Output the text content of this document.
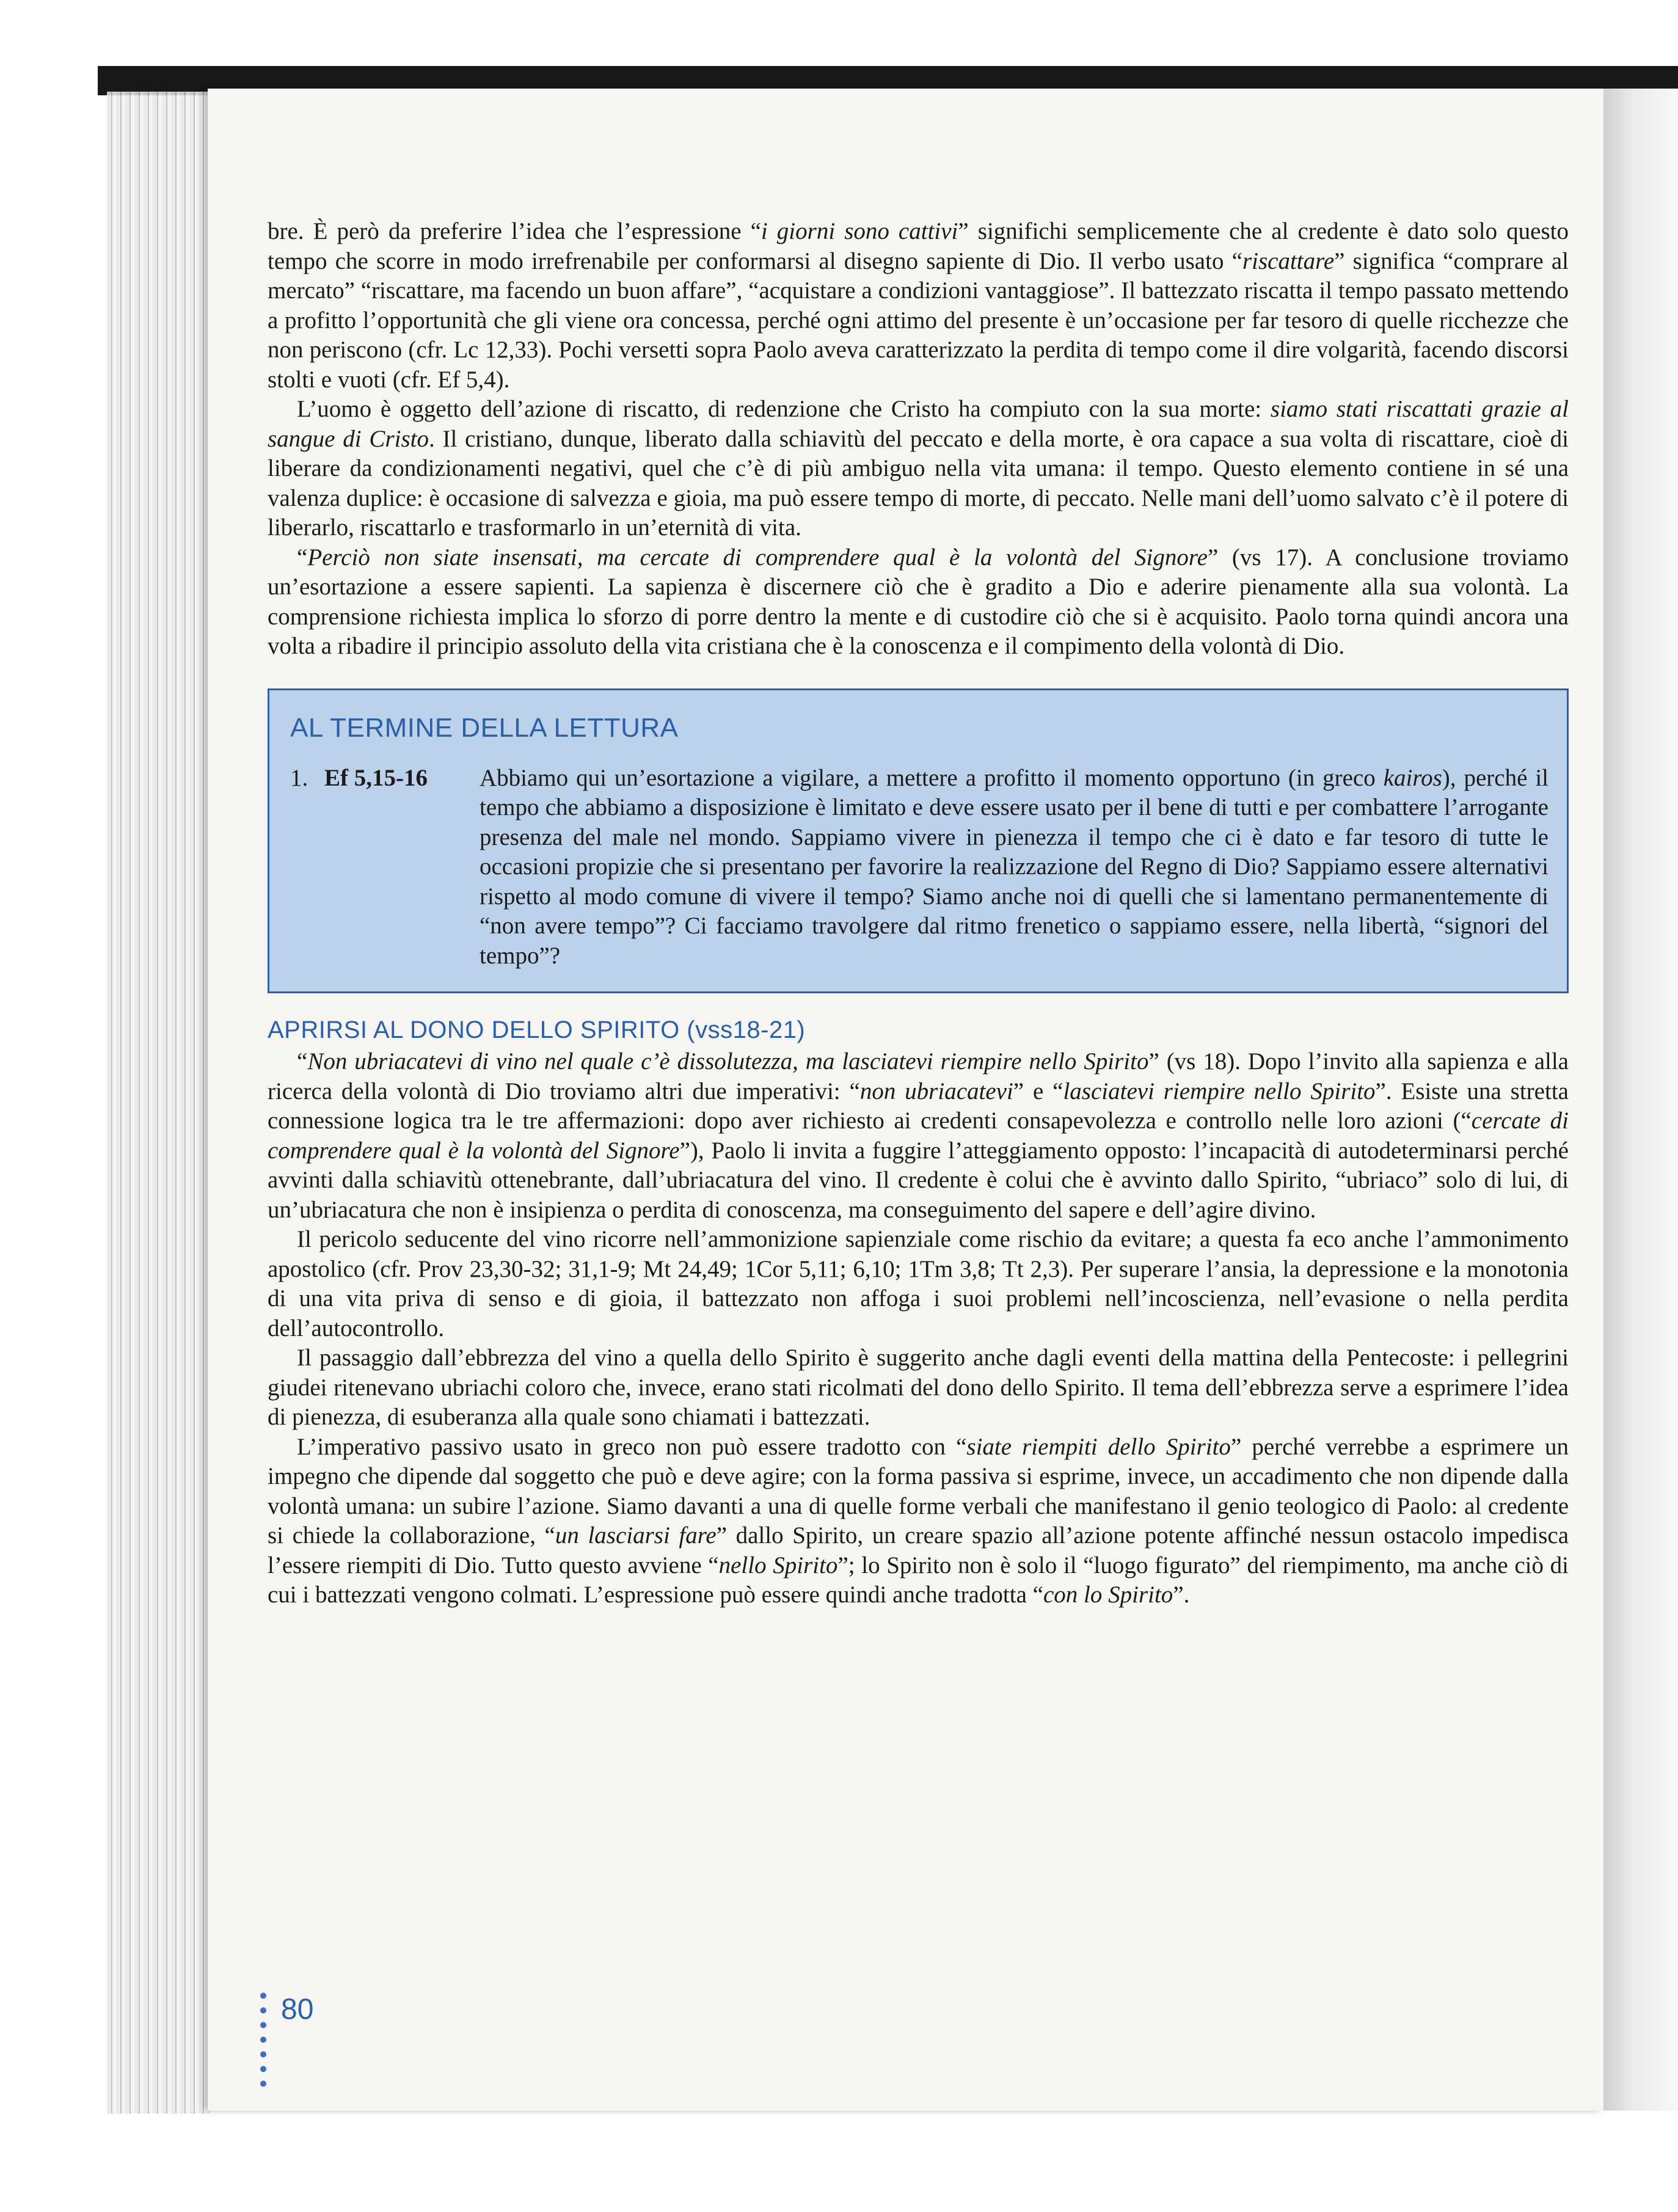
bre. È però da preferire l’idea che l’espressione “i giorni sono cattivi” significhi semplicemente che al credente è dato solo questo tempo che scorre in modo irrefrenabile per conformarsi al disegno sapiente di Dio. Il verbo usato “riscattare” significa “comprare al mercato” “riscattare, ma facendo un buon affare”, “acquistare a condizioni vantaggiose”. Il battezzato riscatta il tempo passato mettendo a profitto l’opportunità che gli viene ora concessa, perché ogni attimo del presente è un’occasione per far tesoro di quelle ricchezze che non periscono (cfr. Lc 12,33). Pochi versetti sopra Paolo aveva caratterizzato la perdita di tempo come il dire volgarità, facendo discorsi stolti e vuoti (cfr. Ef 5,4).

L’uomo è oggetto dell’azione di riscatto, di redenzione che Cristo ha compiuto con la sua morte: siamo stati riscattati grazie al sangue di Cristo. Il cristiano, dunque, liberato dalla schiavitù del peccato e della morte, è ora capace a sua volta di riscattare, cioè di liberare da condizionamenti negativi, quel che c’è di più ambiguo nella vita umana: il tempo. Questo elemento contiene in sé una valenza duplice: è occasione di salvezza e gioia, ma può essere tempo di morte, di peccato. Nelle mani dell’uomo salvato c’è il potere di liberarlo, riscattarlo e trasformarlo in un’eternità di vita.

“Perciò non siate insensati, ma cercate di comprendere qual è la volontà del Signore” (vs 17). A conclusione troviamo un’esortazione a essere sapienti. La sapienza è discernere ciò che è gradito a Dio e aderire pienamente alla sua volontà. La comprensione richiesta implica lo sforzo di porre dentro la mente e di custodire ciò che si è acquisito. Paolo torna quindi ancora una volta a ribadire il principio assoluto della vita cristiana che è la conoscenza e il compimento della volontà di Dio.

AL TERMINE DELLA LETTURA
1. Ef 5,15-16	Abbiamo qui un’esortazione a vigilare, a mettere a profitto il momento opportuno (in greco kairos), perché il tempo che abbiamo a disposizione è limitato e deve essere usato per il bene di tutti e per combattere l’arrogante presenza del male nel mondo. Sappiamo vivere in pienezza il tempo che ci è dato e far tesoro di tutte le occasioni propizie che si presentano per favorire la realizzazione del Regno di Dio? Sappiamo essere alternativi rispetto al modo comune di vivere il tempo? Siamo anche noi di quelli che si lamentano permanentemente di “non avere tempo”? Ci facciamo travolgere dal ritmo frenetico o sappiamo essere, nella libertà, “signori del tempo”?
APRIRSI AL DONO DELLO SPIRITO (vss18-21)

“Non ubriacatevi di vino nel quale c’è dissolutezza, ma lasciatevi riempire nello Spirito” (vs 18). Dopo l’invito alla sapienza e alla ricerca della volontà di Dio troviamo altri due imperativi: “non ubriacatevi” e “lasciatevi riempire nello Spirito”. Esiste una stretta connessione logica tra le tre affermazioni: dopo aver richiesto ai credenti consapevolezza e controllo nelle loro azioni (“cercate di comprendere qual è la volontà del Signore”), Paolo li invita a fuggire l’atteggiamento opposto: l’incapacità di autodeterminarsi perché avvinti dalla schiavitù ottenebrante, dall’ubriacatura del vino. Il credente è colui che è avvinto dallo Spirito, “ubriaco” solo di lui, di un’ubriacatura che non è insipienza o perdita di conoscenza, ma conseguimento del sapere e dell’agire divino.

Il pericolo seducente del vino ricorre nell’ammonizione sapienziale come rischio da evitare; a questa fa eco anche l’ammonimento apostolico (cfr. Prov 23,30-32; 31,1-9; Mt 24,49; 1Cor 5,11; 6,10; 1Tm 3,8; Tt 2,3). Per superare l’ansia, la depressione e la monotonia di una vita priva di senso e di gioia, il battezzato non affoga i suoi problemi nell’incoscienza, nell’evasione o nella perdita dell’autocontrollo.

Il passaggio dall’ebbrezza del vino a quella dello Spirito è suggerito anche dagli eventi della mattina della Pentecoste: i pellegrini giudei ritenevano ubriachi coloro che, invece, erano stati ricolmati del dono dello Spirito. Il tema dell’ebbrezza serve a esprimere l’idea di pienezza, di esuberanza alla quale sono chiamati i battezzati.

L’imperativo passivo usato in greco non può essere tradotto con “siate riempiti dello Spirito” perché verrebbe a esprimere un impegno che dipende dal soggetto che può e deve agire; con la forma passiva si esprime, invece, un accadimento che non dipende dalla volontà umana: un subire l’azione. Siamo davanti a una di quelle forme verbali che manifestano il genio teologico di Paolo: al credente si chiede la collaborazione, “un lasciarsi fare” dallo Spirito, un creare spazio all’azione potente affinché nessun ostacolo impedisca l’essere riempiti di Dio. Tutto questo avviene “nello Spirito”; lo Spirito non è solo il “luogo figurato” del riempimento, ma anche ciò di cui i battezzati vengono colmati. L’espressione può essere quindi anche tradotta “con lo Spirito”.

80
